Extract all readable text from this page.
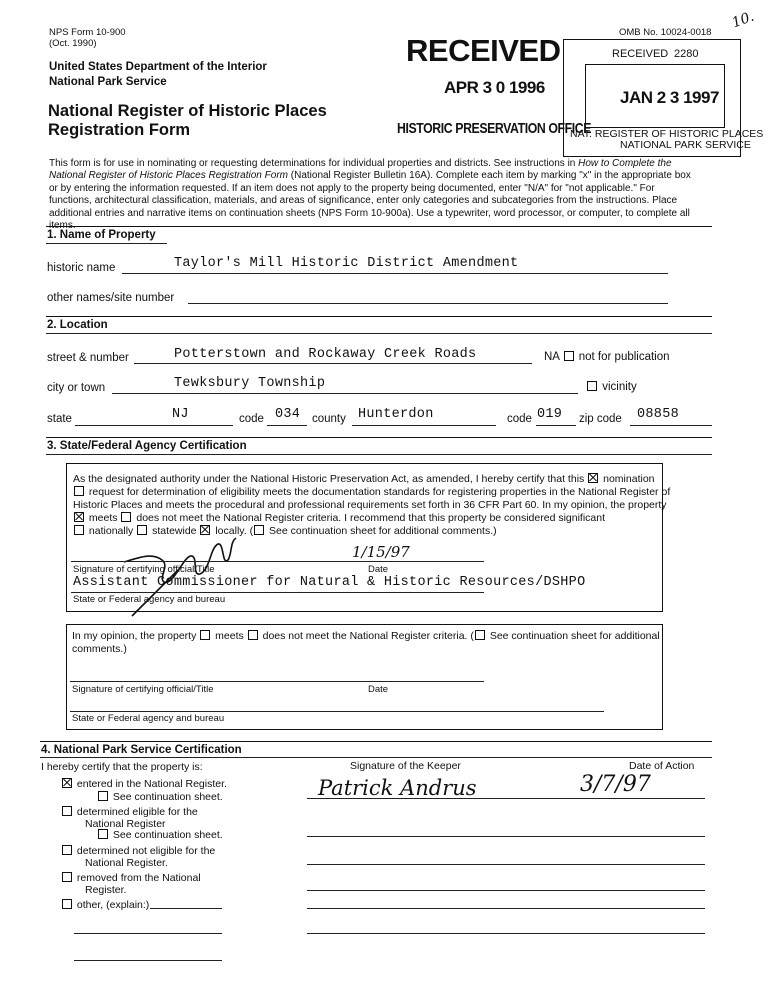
NPS Form 10-900
(Oct. 1990)
OMB No. 10024-0018
United States Department of the Interior
National Park Service
National Register of Historic Places
Registration Form
RECEIVED
APR 3 0 1996
HISTORIC PRESERVATION OFFICE
RECEIVED 2280
JAN 2 3 1997
NAT. REGISTER OF HISTORIC PLACES
NATIONAL PARK SERVICE
10.
This form is for use in nominating or requesting determinations for individual properties and districts. See instructions in How to Complete the National Register of Historic Places Registration Form (National Register Bulletin 16A). Complete each item by marking "x" in the appropriate box or by entering the information requested. If an item does not apply to the property being documented, enter "N/A" for "not applicable." For functions, architectural classification, materials, and areas of significance, enter only categories and subcategories from the instructions. Place additional entries and narrative items on continuation sheets (NPS Form 10-900a). Use a typewriter, word processor, or computer, to complete all items.
1. Name of Property
historic name	Taylor's Mill Historic District Amendment
other names/site number
2. Location
street & number	Potterstown and Rockaway Creek Roads	NA not for publication
city or town	Tewksbury Township	vicinity
state	NJ	code 034 county Hunterdon	code 019 zip code 08858
3. State/Federal Agency Certification
As the designated authority under the National Historic Preservation Act, as amended, I hereby certify that this nomination
request for determination of eligibility meets the documentation standards for registering properties in the National Register of
Historic Places and meets the procedural and professional requirements set forth in 36 CFR Part 60. In my opinion, the property
meets does not meet the National Register criteria. I recommend that this property be considered significant
nationally statewide locally. ( See continuation sheet for additional comments.)
1/15/97
Signature of certifying official/Title	Date
Assistant Commissioner for Natural & Historic Resources/DSHPO
State or Federal agency and bureau
In my opinion, the property meets does not meet the National Register criteria. ( See continuation sheet for additional
comments.)
Signature of certifying official/Title	Date
State or Federal agency and bureau
4. National Park Service Certification
I hereby certify that the property is:	Signature of the Keeper	Date of Action
Patrick Andrus	3/7/97
entered in the National Register.
See continuation sheet.
determined eligible for the
National Register
See continuation sheet.
determined not eligible for the
National Register.
removed from the National
Register.
other, (explain:)
